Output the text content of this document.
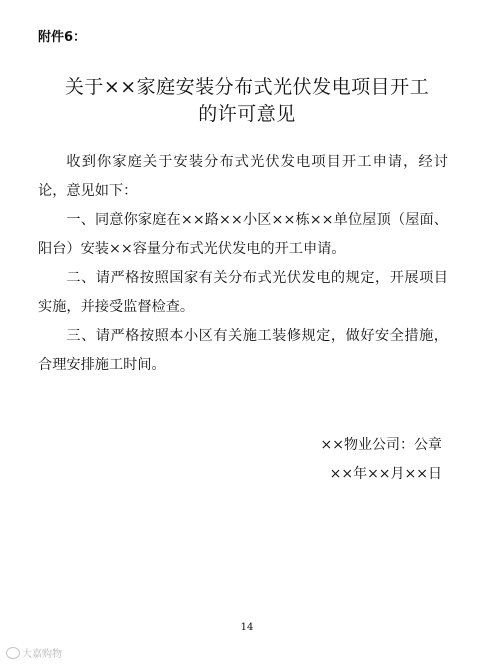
附件6：
关于××家庭安装分布式光伏发电项目开工
的许可意见

收到你家庭关于安装分布式光伏发电项目开工申请，经讨论，意见如下：

一、同意你家庭在××路××小区××栋××单位屋顶（屋面、阳台）安装××容量分布式光伏发电的开工申请。

二、请严格按照国家有关分布式光伏发电的规定，开展项目实施，并接受监督检查。

三、请严格按照本小区有关施工装修规定，做好安全措施，合理安排施工时间。

××物业公司：公章
××年××月××日
14
大嘉购物
